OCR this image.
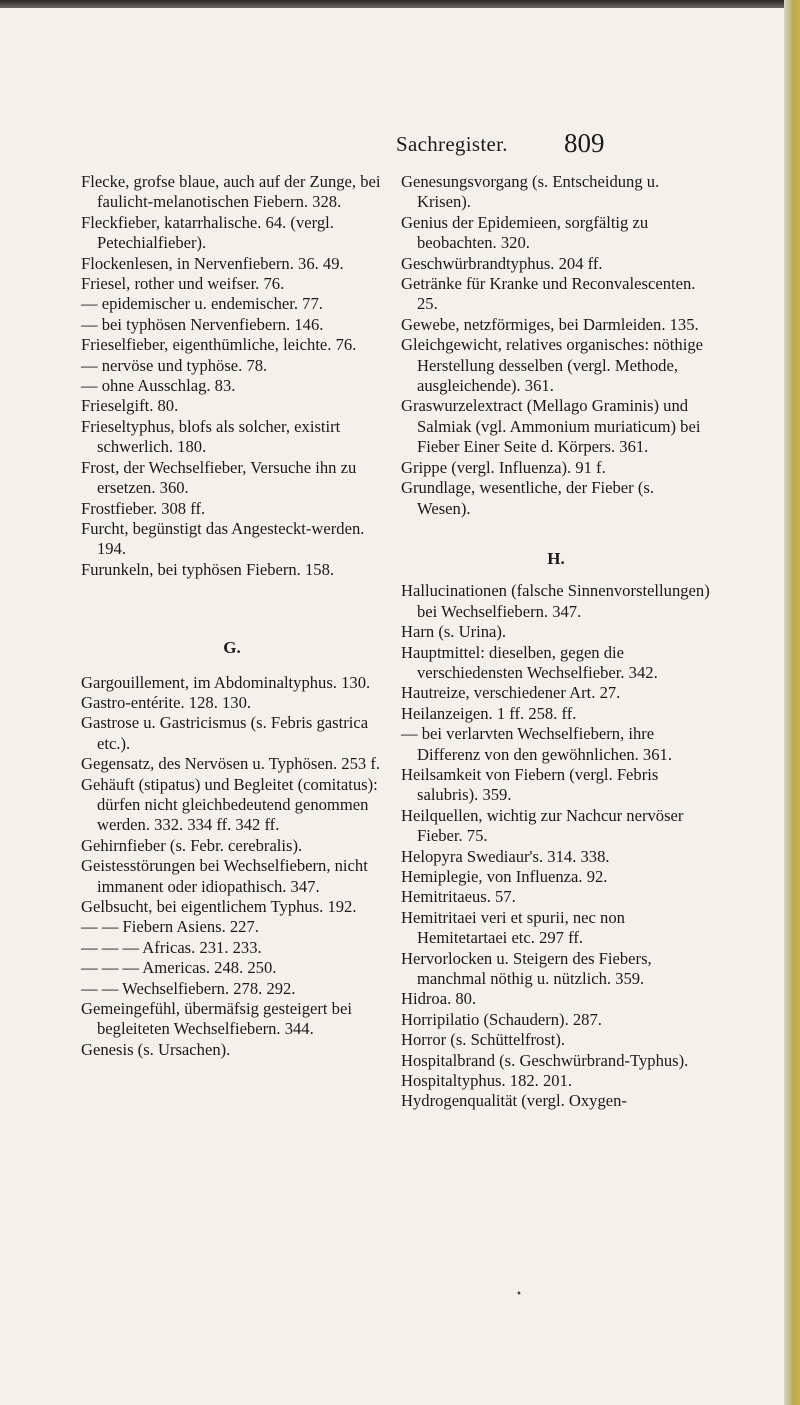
Sachregister. 809

Flecke, grofse blaue, auch auf der Zunge, bei faulicht-melanotischen Fiebern. 328.

Fleckfieber, katarrhalische. 64. (vergl. Petechialfieber).

Flockenlesen, in Nervenfiebern. 36. 49.

Friesel, rother und weifser. 76.

— epidemischer u. endemischer. 77.

— bei typhösen Nervenfiebern. 146.

Frieselfieber, eigenthümliche, leichte. 76.

— nervöse und typhöse. 78.

— ohne Ausschlag. 83.

Frieselgift. 80.

Frieseltyphus, blofs als solcher, existirt schwerlich. 180.

Frost, der Wechselfieber, Versuche ihn zu ersetzen. 360.

Frostfieber. 308 ff.

Furcht, begünstigt das Angesteckt-werden. 194.

Furunkeln, bei typhösen Fiebern. 158.

G.

Gargouillement, im Abdominaltyphus. 130.

Gastro-entérite. 128. 130.

Gastrose u. Gastricismus (s. Febris gastrica etc.).

Gegensatz, des Nervösen u. Typhösen. 253 f.

Gehäuft (stipatus) und Begleitet (comitatus): dürfen nicht gleichbedeutend genommen werden. 332. 334 ff. 342 ff.

Gehirnfieber (s. Febr. cerebralis).

Geistesstörungen bei Wechselfiebern, nicht immanent oder idiopathisch. 347.

Gelbsucht, bei eigentlichem Typhus. 192.

— — Fiebern Asiens. 227.

— — — Africas. 231. 233.

— — — Americas. 248. 250.

— — Wechselfiebern. 278. 292.

Gemeingefühl, übermäfsig gesteigert bei begleiteten Wechselfiebern. 344.

Genesis (s. Ursachen).

Genesungsvorgang (s. Entscheidung u. Krisen).

Genius der Epidemieen, sorgfältig zu beobachten. 320.

Geschwürbrandtyphus. 204 ff.

Getränke für Kranke und Reconvalescenten. 25.

Gewebe, netzförmiges, bei Darmleiden. 135.

Gleichgewicht, relatives organisches: nöthige Herstellung desselben (vergl. Methode, ausgleichende). 361.

Graswurzelextract (Mellago Graminis) und Salmiak (vgl. Ammonium muriaticum) bei Fieber Einer Seite d. Körpers. 361.

Grippe (vergl. Influenza). 91 f.

Grundlage, wesentliche, der Fieber (s. Wesen).

H.

Hallucinationen (falsche Sinnenvorstellungen) bei Wechselfiebern. 347.

Harn (s. Urina).

Hauptmittel: dieselben, gegen die verschiedensten Wechselfieber. 342.

Hautreize, verschiedener Art. 27.

Heilanzeigen. 1 ff. 258. ff.

— bei verlarvten Wechselfiebern, ihre Differenz von den gewöhnlichen. 361.

Heilsamkeit von Fiebern (vergl. Febris salubris). 359.

Heilquellen, wichtig zur Nachcur nervöser Fieber. 75.

Helopyra Swediaur's. 314. 338.

Hemiplegie, von Influenza. 92.

Hemitritaeus. 57.

Hemitritaei veri et spurii, nec non Hemitetartaei etc. 297 ff.

Hervorlocken u. Steigern des Fiebers, manchmal nöthig u. nützlich. 359.

Hidroa. 80.

Horripilatio (Schaudern). 287.

Horror (s. Schüttelfrost).

Hospitalbrand (s. Geschwürbrand-Typhus).

Hospitaltyphus. 182. 201.

Hydrogenqualität (vergl. Oxygen-

•
